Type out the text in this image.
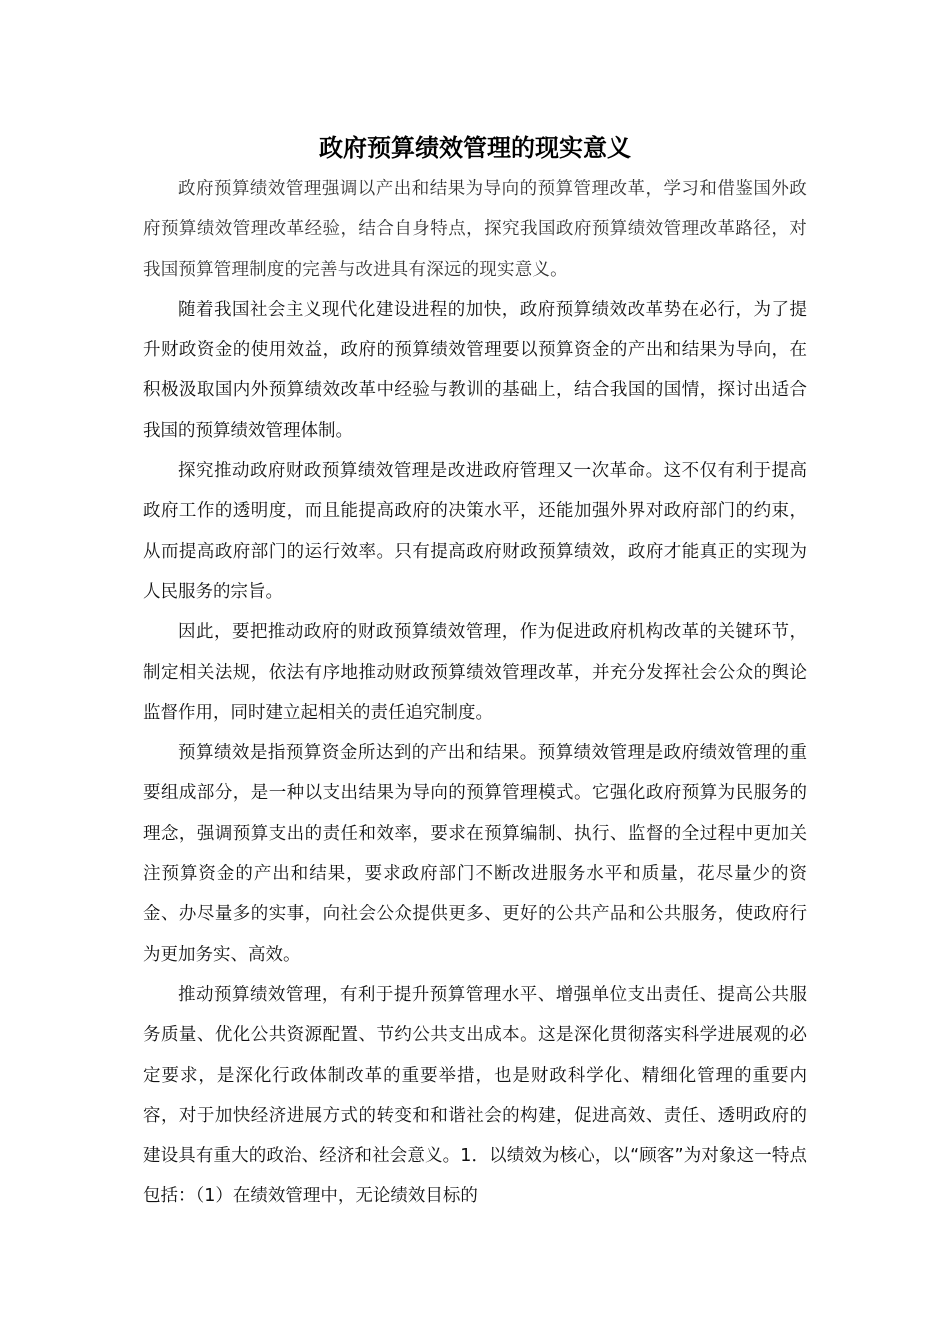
政府预算绩效管理的现实意义

政府预算绩效管理强调以产出和结果为导向的预算管理改革，学习和借鉴国外政府预算绩效管理改革经验，结合自身特点，探究我国政府预算绩效管理改革路径，对我国预算管理制度的完善与改进具有深远的现实意义。

随着我国社会主义现代化建设进程的加快，政府预算绩效改革势在必行，为了提升财政资金的使用效益，政府的预算绩效管理要以预算资金的产出和结果为导向，在积极汲取国内外预算绩效改革中经验与教训的基础上，结合我国的国情，探讨出适合我国的预算绩效管理体制。

探究推动政府财政预算绩效管理是改进政府管理又一次革命。这不仅有利于提高政府工作的透明度，而且能提高政府的决策水平，还能加强外界对政府部门的约束，从而提高政府部门的运行效率。只有提高政府财政预算绩效，政府才能真正的实现为人民服务的宗旨。

因此，要把推动政府的财政预算绩效管理，作为促进政府机构改革的关键环节，制定相关法规，依法有序地推动财政预算绩效管理改革，并充分发挥社会公众的舆论监督作用，同时建立起相关的责任追究制度。

预算绩效是指预算资金所达到的产出和结果。预算绩效管理是政府绩效管理的重要组成部分，是一种以支出结果为导向的预算管理模式。它强化政府预算为民服务的理念，强调预算支出的责任和效率，要求在预算编制、执行、监督的全过程中更加关注预算资金的产出和结果，要求政府部门不断改进服务水平和质量，花尽量少的资金、办尽量多的实事，向社会公众提供更多、更好的公共产品和公共服务，使政府行为更加务实、高效。

推动预算绩效管理，有利于提升预算管理水平、增强单位支出责任、提高公共服务质量、优化公共资源配置、节约公共支出成本。这是深化贯彻落实科学进展观的必定要求，是深化行政体制改革的重要举措，也是财政科学化、精细化管理的重要内容，对于加快经济进展方式的转变和和谐社会的构建，促进高效、责任、透明政府的建设具有重大的政治、经济和社会意义。1．以绩效为核心，以“顾客”为对象这一特点包括：（1）在绩效管理中，无论绩效目标的
